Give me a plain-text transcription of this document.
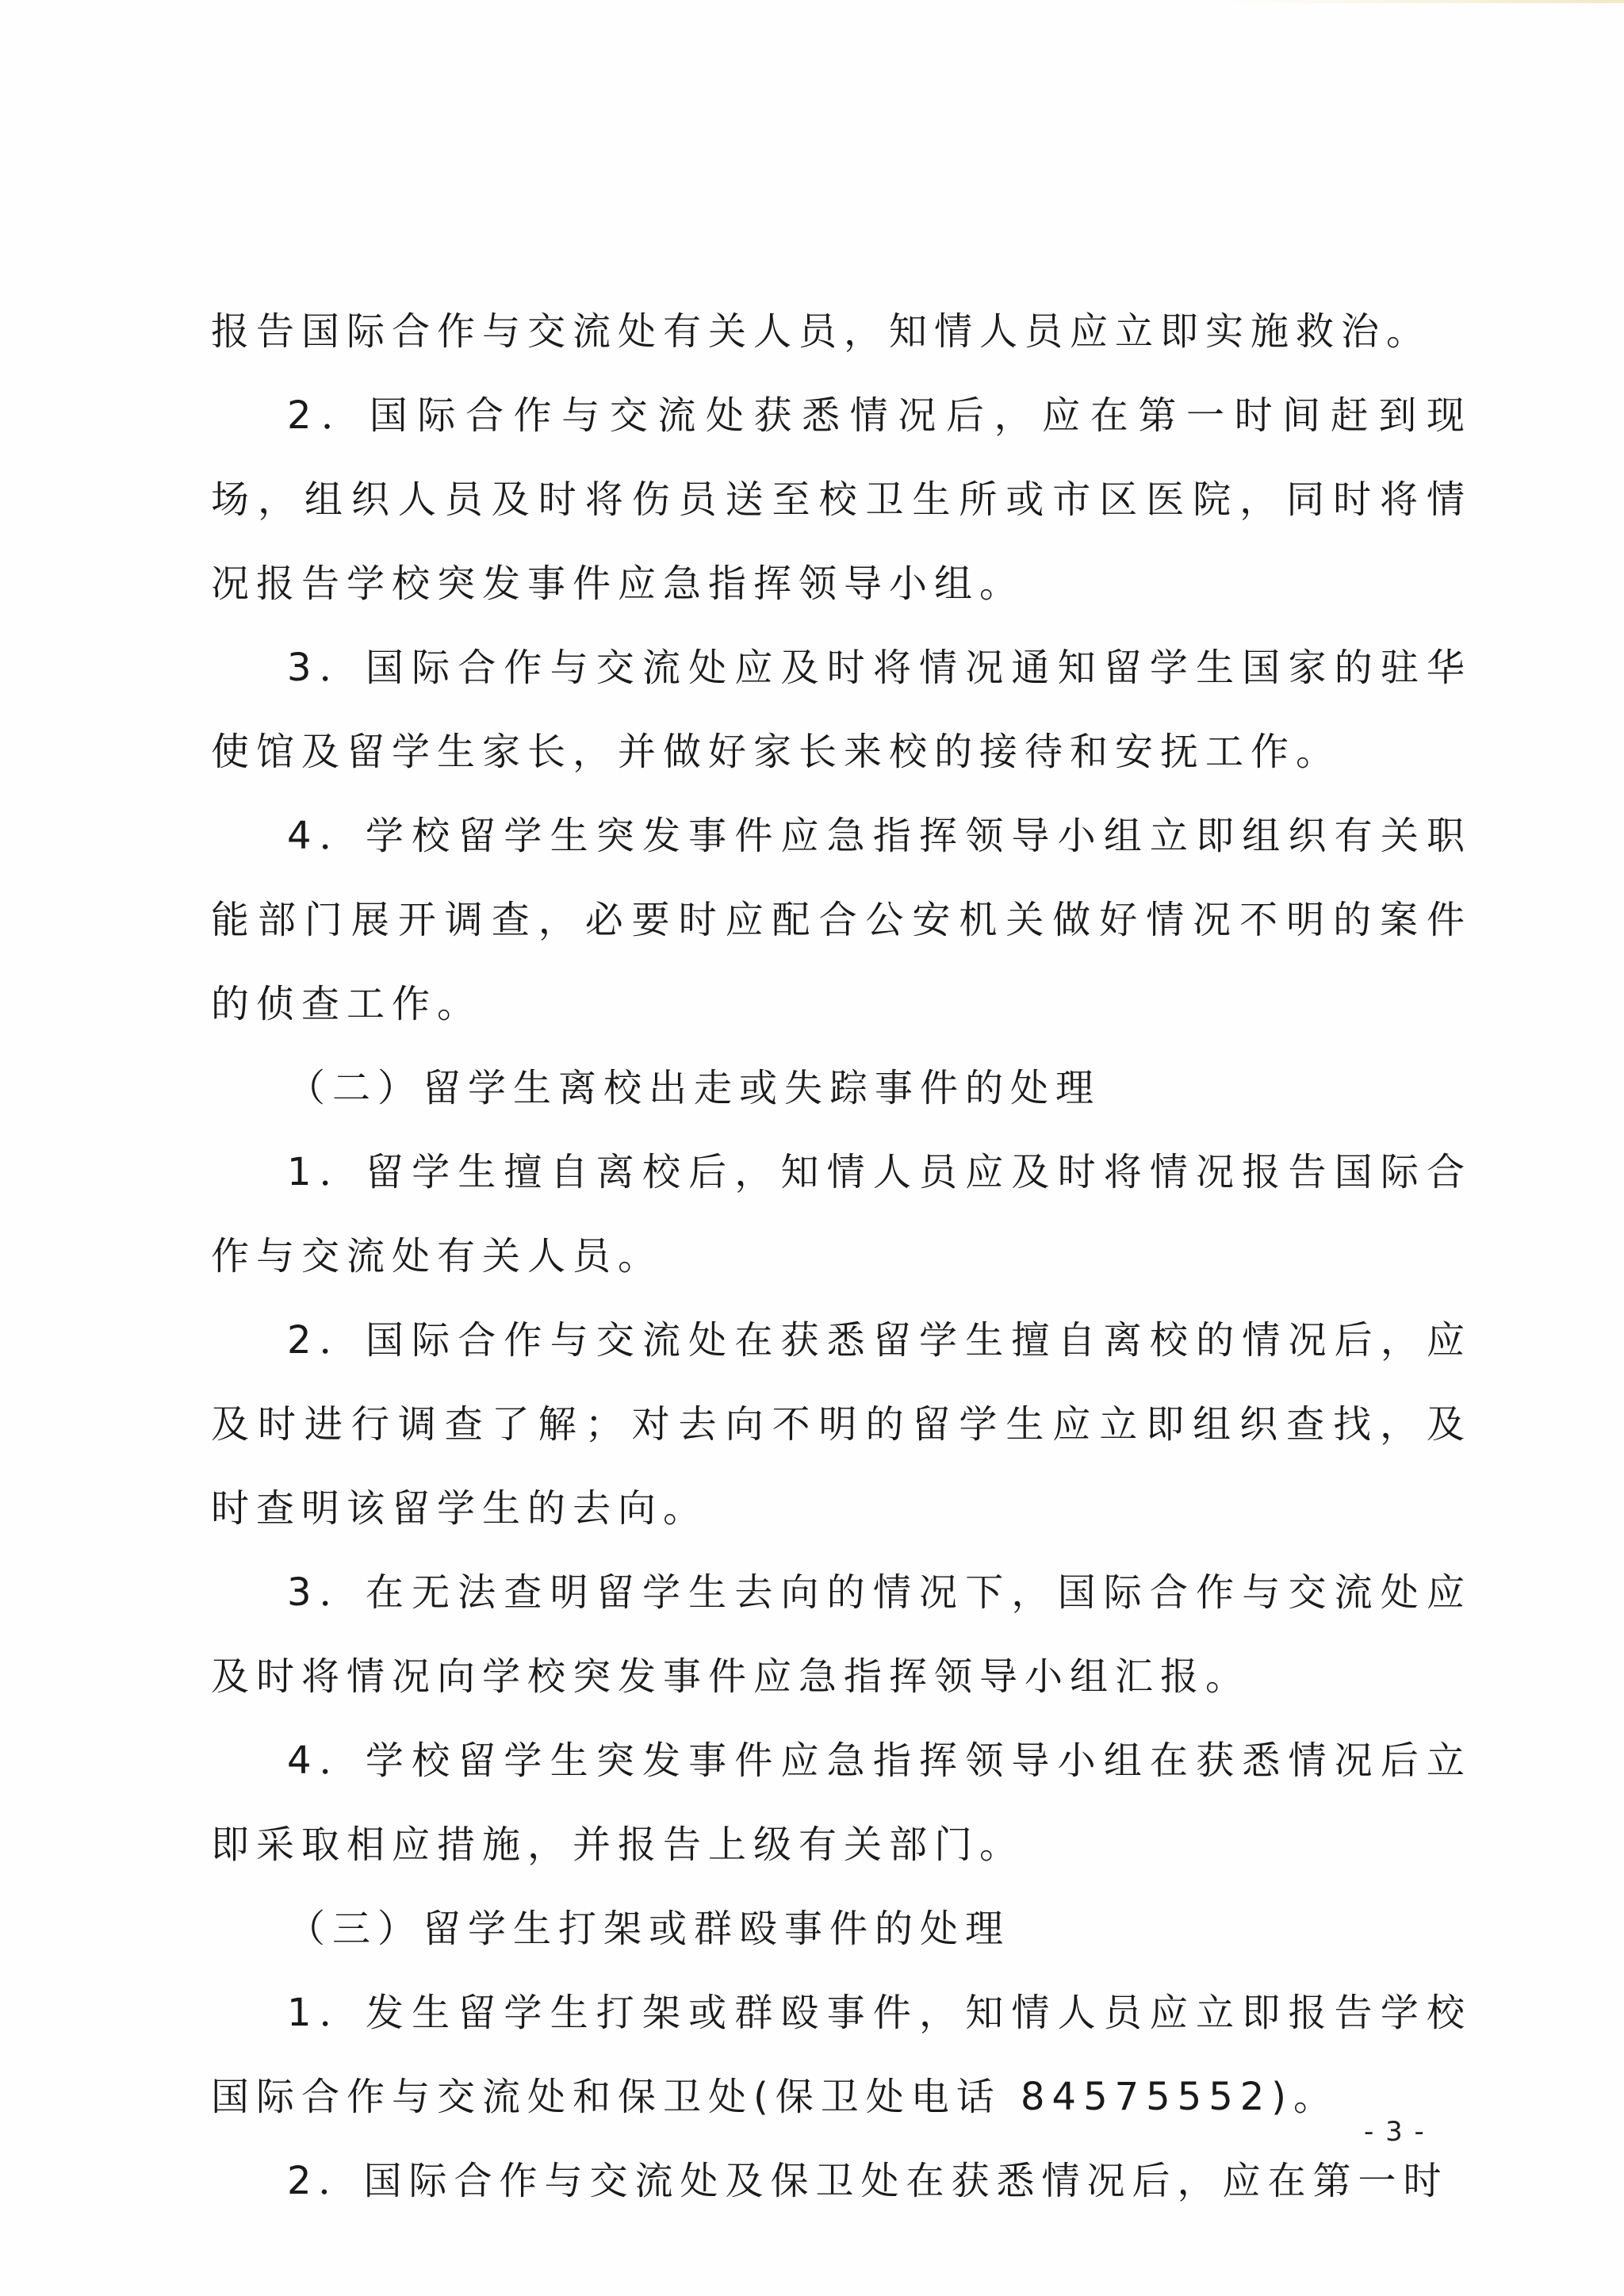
报告国际合作与交流处有关人员，知情人员应立即实施救治。

2．国际合作与交流处获悉情况后，应在第一时间赶到现场，组织人员及时将伤员送至校卫生所或市区医院，同时将情况报告学校突发事件应急指挥领导小组。

3．国际合作与交流处应及时将情况通知留学生国家的驻华使馆及留学生家长，并做好家长来校的接待和安抚工作。

4．学校留学生突发事件应急指挥领导小组立即组织有关职能部门展开调查，必要时应配合公安机关做好情况不明的案件的侦查工作。

（二）留学生离校出走或失踪事件的处理

1．留学生擅自离校后，知情人员应及时将情况报告国际合作与交流处有关人员。

2．国际合作与交流处在获悉留学生擅自离校的情况后，应及时进行调查了解；对去向不明的留学生应立即组织查找，及时查明该留学生的去向。

3．在无法查明留学生去向的情况下，国际合作与交流处应及时将情况向学校突发事件应急指挥领导小组汇报。

4．学校留学生突发事件应急指挥领导小组在获悉情况后立即采取相应措施，并报告上级有关部门。

（三）留学生打架或群殴事件的处理

1．发生留学生打架或群殴事件，知情人员应立即报告学校国际合作与交流处和保卫处(保卫处电话 84575552)。

2．国际合作与交流处及保卫处在获悉情况后，应在第一时

- 3 -
